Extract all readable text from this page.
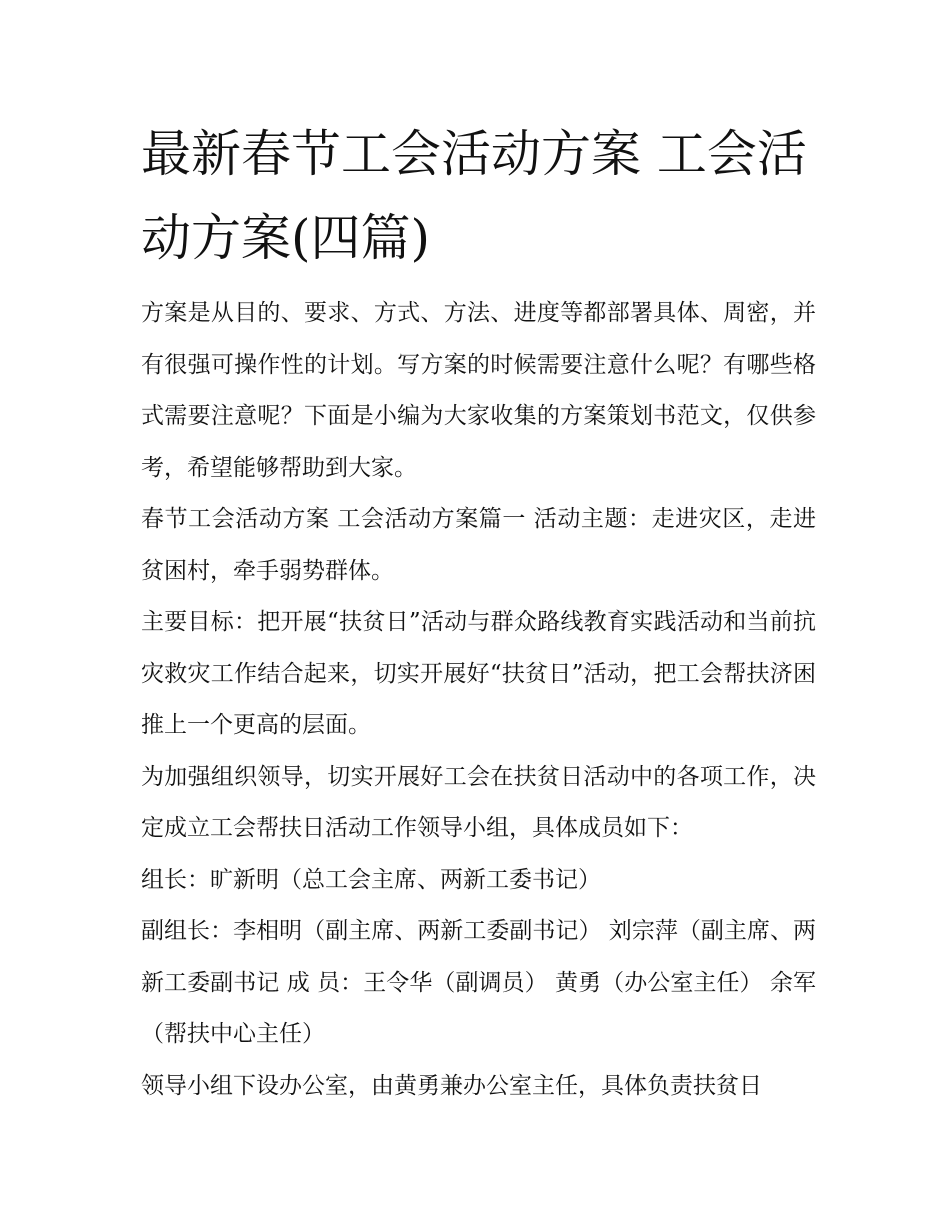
最新春节工会活动方案 工会活动方案(四篇)

方案是从目的、要求、方式、方法、进度等都部署具体、周密，并有很强可操作性的计划。写方案的时候需要注意什么呢？有哪些格式需要注意呢？下面是小编为大家收集的方案策划书范文，仅供参考，希望能够帮助到大家。

春节工会活动方案 工会活动方案篇一 活动主题：走进灾区，走进贫困村，牵手弱势群体。

主要目标：把开展“扶贫日”活动与群众路线教育实践活动和当前抗灾救灾工作结合起来，切实开展好“扶贫日”活动，把工会帮扶济困推上一个更高的层面。

为加强组织领导，切实开展好工会在扶贫日活动中的各项工作，决定成立工会帮扶日活动工作领导小组，具体成员如下：

组长：旷新明（总工会主席、两新工委书记）

副组长：李相明（副主席、两新工委副书记） 刘宗萍（副主席、两新工委副书记 成 员：王令华（副调员） 黄勇（办公室主任） 余军（帮扶中心主任）

领导小组下设办公室，由黄勇兼办公室主任，具体负责扶贫日
